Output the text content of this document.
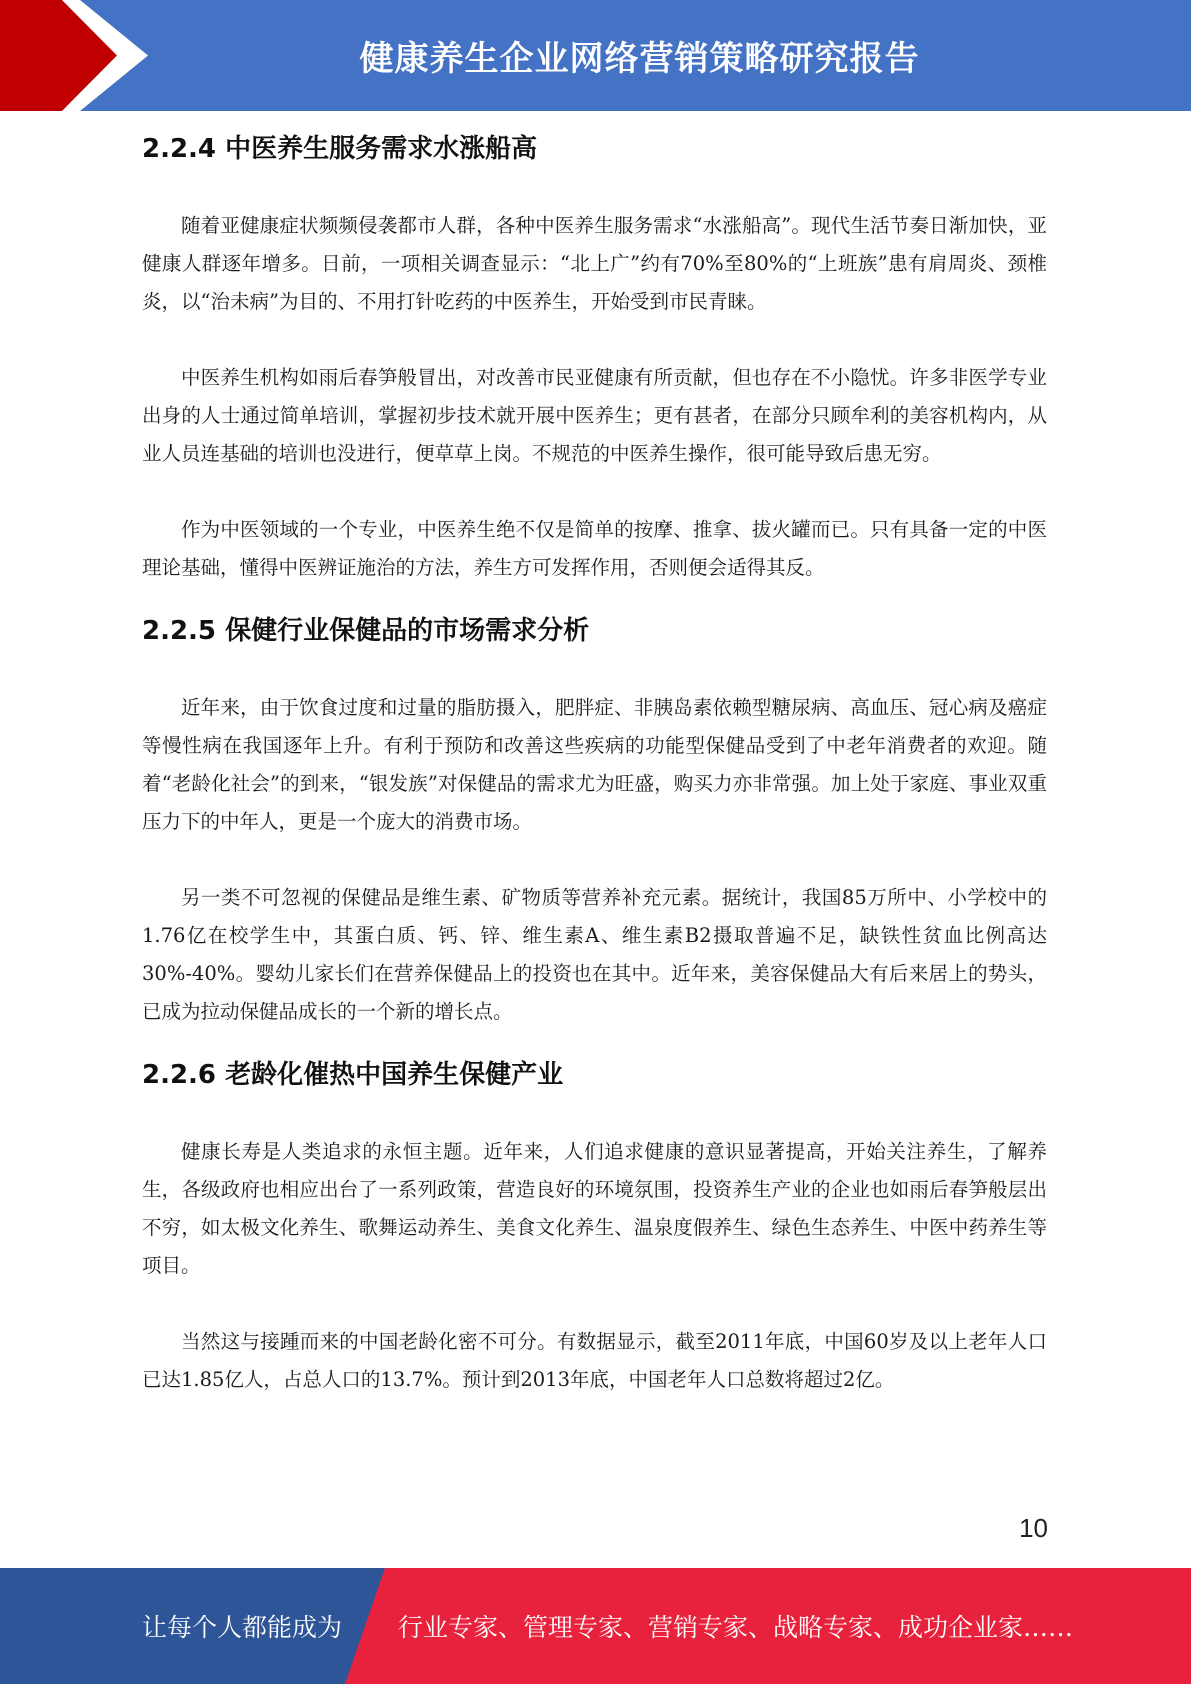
健康养生企业网络营销策略研究报告
2.2.4 中医养生服务需求水涨船高

随着亚健康症状频频侵袭都市人群，各种中医养生服务需求“水涨船高”。现代生活节奏日渐加快，亚健康人群逐年增多。日前，一项相关调查显示：“北上广”约有70%至80%的“上班族”患有肩周炎、颈椎炎，以“治未病”为目的、不用打针吃药的中医养生，开始受到市民青睐。

中医养生机构如雨后春笋般冒出，对改善市民亚健康有所贡献，但也存在不小隐忧。许多非医学专业出身的人士通过简单培训，掌握初步技术就开展中医养生；更有甚者，在部分只顾牟利的美容机构内，从业人员连基础的培训也没进行，便草草上岗。不规范的中医养生操作，很可能导致后患无穷。

作为中医领域的一个专业，中医养生绝不仅是简单的按摩、推拿、拔火罐而已。只有具备一定的中医理论基础，懂得中医辨证施治的方法，养生方可发挥作用，否则便会适得其反。

2.2.5 保健行业保健品的市场需求分析

近年来，由于饮食过度和过量的脂肪摄入，肥胖症、非胰岛素依赖型糖尿病、高血压、冠心病及癌症等慢性病在我国逐年上升。有利于预防和改善这些疾病的功能型保健品受到了中老年消费者的欢迎。随着“老龄化社会”的到来，“银发族”对保健品的需求尤为旺盛，购买力亦非常强。加上处于家庭、事业双重压力下的中年人，更是一个庞大的消费市场。

另一类不可忽视的保健品是维生素、矿物质等营养补充元素。据统计，我国85万所中、小学校中的1.76亿在校学生中，其蛋白质、钙、锌、维生素A、维生素B2摄取普遍不足，缺铁性贫血比例高达30%-40%。婴幼儿家长们在营养保健品上的投资也在其中。近年来，美容保健品大有后来居上的势头，已成为拉动保健品成长的一个新的增长点。

2.2.6 老龄化催热中国养生保健产业

健康长寿是人类追求的永恒主题。近年来，人们追求健康的意识显著提高，开始关注养生，了解养生，各级政府也相应出台了一系列政策，营造良好的环境氛围，投资养生产业的企业也如雨后春笋般层出不穷，如太极文化养生、歌舞运动养生、美食文化养生、温泉度假养生、绿色生态养生、中医中药养生等项目。

当然这与接踵而来的中国老龄化密不可分。有数据显示，截至2011年底，中国60岁及以上老年人口已达1.85亿人，占总人口的13.7%。预计到2013年底，中国老年人口总数将超过2亿。

10
让每个人都能成为 行业专家、管理专家、营销专家、战略专家、成功企业家……
